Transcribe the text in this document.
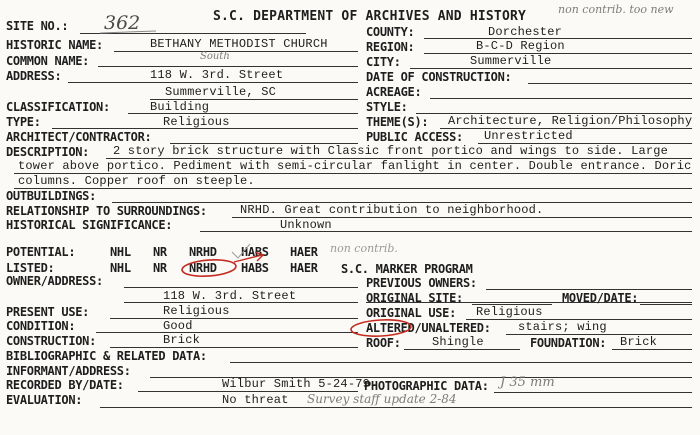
S.C. DEPARTMENT OF ARCHIVES AND HISTORY	non contrib. too new
SITE NO.: 362
HISTORIC NAME:	BETHANY METHODIST CHURCH
COMMON NAME:	South
ADDRESS:	118 W. 3rd. Street
Summerville, SC
CLASSIFICATION:	Building
TYPE:	Religious
ARCHITECT/CONTRACTOR:
COUNTY:	Dorchester
REGION:	B-C-D Region
CITY:	Summerville
DATE OF CONSTRUCTION:
ACREAGE:
STYLE:
THEME(S): Architecture, Religion/Philosophy
PUBLIC ACCESS: Unrestricted
DESCRIPTION: 2 story brick structure with Classic front portico and wings to side. Large
tower above portico. Pediment with semi-circular fanlight in center. Double entrance. Doric
columns. Copper roof on steeple.
OUTBUILDINGS:
RELATIONSHIP TO SURROUNDINGS:	NRHD. Great contribution to neighborhood.
HISTORICAL SIGNIFICANCE:	Unknown
POTENTIAL:	NHL NR NRHD HABS HAER non contrib.
LISTED:	NHL NR NRHD HABS HAER S.C. MARKER PROGRAM
OWNER/ADDRESS:
118 W. 3rd. Street
PREVIOUS OWNERS:
ORIGINAL SITE:	MOVED/DATE:
PRESENT USE:	Religious	ORIGINAL USE: Religious
CONDITION:	Good	ALTERED/UNALTERED: stairs; wing
CONSTRUCTION:	Brick	ROOF:	Shingle	FOUNDATION: Brick
BIBLIOGRAPHIC & RELATED DATA:
INFORMANT/ADDRESS:
RECORDED BY/DATE:	Wilbur Smith 5-24-79
PHOTOGRAPHIC DATA: J 35 mm
EVALUATION:	No threat Survey staff update 2-84
